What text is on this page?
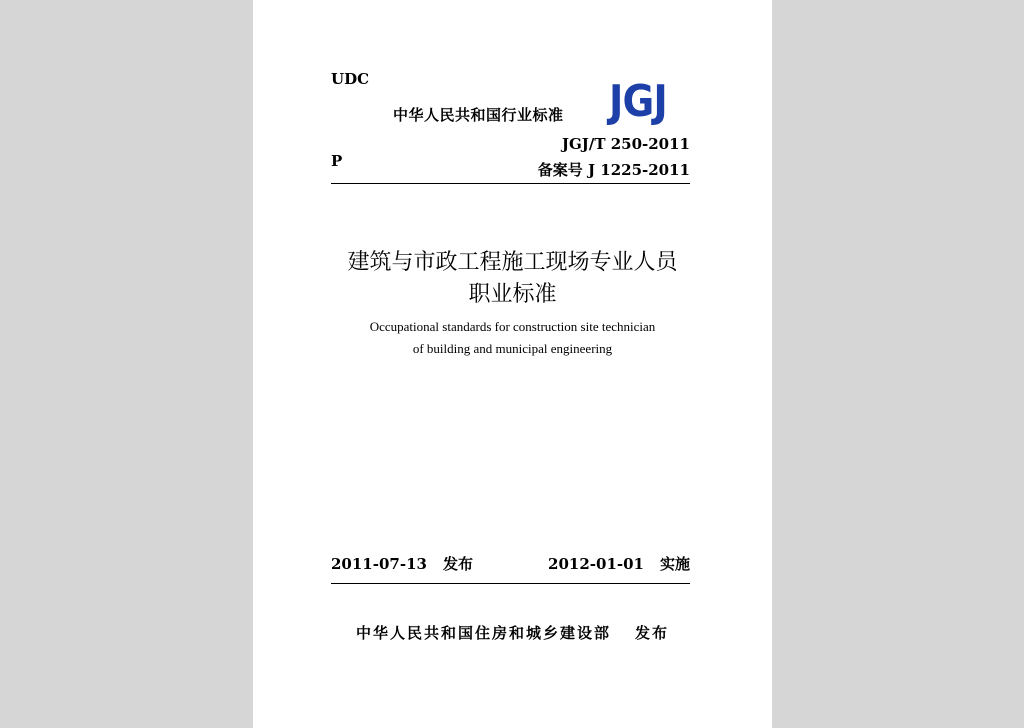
UDC
中华人民共和国行业标准 JGJ
P
JGJ/T 250-2011
备案号 J 1225-2011
建筑与市政工程施工现场专业人员
职业标准
Occupational standards for construction site technician
of building and municipal engineering
2011-07-13 发布	2012-01-01 实施
中华人民共和国住房和城乡建设部 发布
